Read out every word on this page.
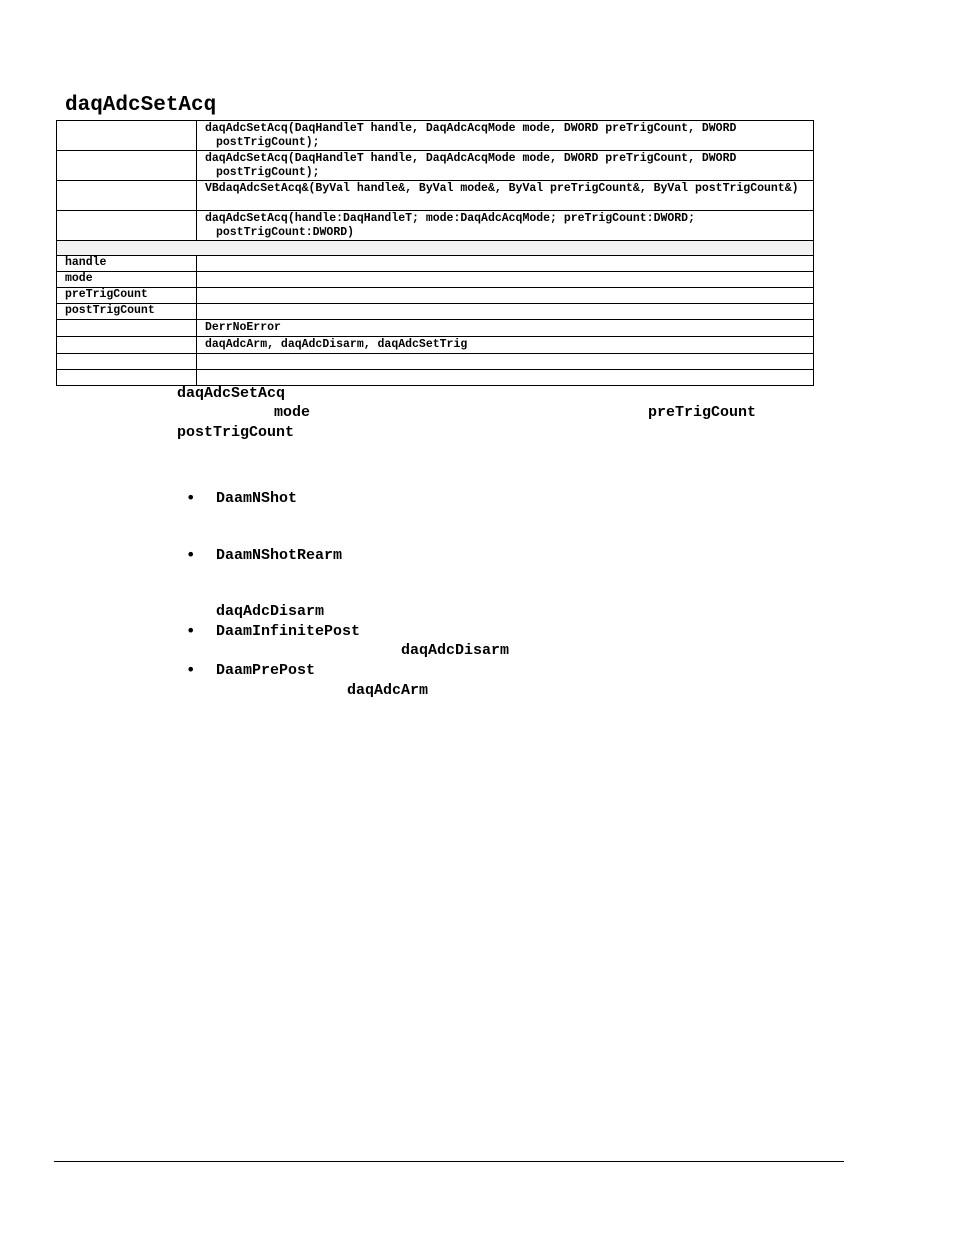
daqAdcSetAcq

	daqAdcSetAcq(DaqHandleT handle, DaqAdcAcqMode mode, DWORD preTrigCount, DWORD postTrigCount);

	daqAdcSetAcq(DaqHandleT handle, DaqAdcAcqMode mode, DWORD preTrigCount, DWORD postTrigCount);

	VBdaqAdcSetAcq&(ByVal handle&, ByVal mode&, ByVal preTrigCount&, ByVal postTrigCount&)

	daqAdcSetAcq(handle:DaqHandleT; mode:DaqAdcAcqMode; preTrigCount:DWORD; postTrigCount:DWORD)

handle	
mode	
preTrigCount	
postTrigCount	
	DerrNoError
	daqAdcArm, daqAdcDisarm, daqAdcSetTrig

daqAdcSetAcq
mode	preTrigCount
postTrigCount
• DaamNShot
• DaamNShotRearm
daqAdcDisarm
• DaamInfinitePost
daqAdcDisarm
• DaamPrePost
daqAdcArm
